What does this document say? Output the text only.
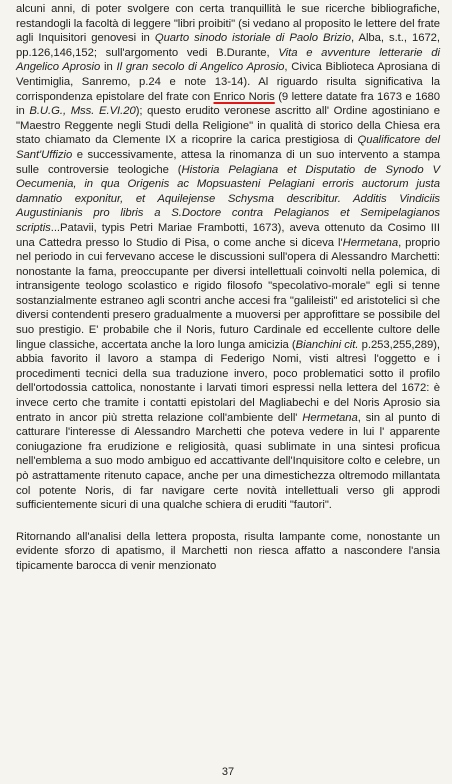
alcuni anni, di poter svolgere con certa tranquillità le sue ricerche bibliografiche, restandogli la facoltà di leggere "libri proibiti" (si vedano al proposito le lettere del frate agli Inquisitori genovesi in Quarto sinodo istoriale di Paolo Brizio, Alba, s.t., 1672, pp.126,146,152; sull'argomento vedi B.Durante, Vita e avventure letterarie di Angelico Aprosio in Il gran secolo di Angelico Aprosio, Civica Biblioteca Aprosiana di Ventimiglia, Sanremo, p.24 e note 13-14). Al riguardo risulta significativa la corrispondenza epistolare del frate con Enrico Noris (9 lettere datate fra 1673 e 1680 in B.U.G., Mss. E.VI.20); questo erudito veronese ascritto all' Ordine agostiniano e "Maestro Reggente negli Studi della Religione" in qualità di storico della Chiesa era stato chiamato da Clemente IX a ricoprire la carica prestigiosa di Qualificatore del Sant'Uffizio e successivamente, attesa la rinomanza di un suo intervento a stampa sulle controversie teologiche (Historia Pelagiana et Disputatio de Synodo V Oecumenia, in qua Origenis ac Mopsuasteni Pelagiani erroris auctorum justa damnatio exponitur, et Aquilejense Schysma describitur. Additis Vindiciis Augustinianis pro libris a S.Doctore contra Pelagianos et Semipelagianos scriptis...Patavii, typis Petri Mariae Frambotti, 1673), aveva ottenuto da Cosimo III una Cattedra presso lo Studio di Pisa, o come anche si diceva l'Hermetana, proprio nel periodo in cui fervevano accese le discussioni sull'opera di Alessandro Marchetti: nonostante la fama, preoccupante per diversi intellettuali coinvolti nella polemica, di intransigente teologo scolastico e rigido filosofo "specolativo-morale" egli si tenne sostanzialmente estraneo agli scontri anche accesi fra "galileisti" ed aristotelici sì che diversi contendenti presero gradualmente a muoversi per approfittare se possibile del suo prestigio. E' probabile che il Noris, futuro Cardinale ed eccellente cultore delle lingue classiche, accertata anche la loro lunga amicizia (Bianchini cit. p.253,255,289), abbia favorito il lavoro a stampa di Federigo Nomi, visti altresì l'oggetto e i procedimenti tecnici della sua traduzione invero, poco problematici sotto il profilo dell'ortodossia cattolica, nonostante i larvati timori espressi nella lettera del 1672: è invece certo che tramite i contatti epistolari del Magliabechi e del Noris Aprosio sia entrato in ancor più stretta relazione coll'ambiente dell' Hermetana, sin al punto di catturare l'interesse di Alessandro Marchetti che poteva vedere in lui l' apparente coniugazione fra erudizione e religiosità, quasi sublimate in una sintesi proficua nell'emblema a suo modo ambiguo ed accattivante dell'Inquisitore colto e celebre, un pò astrattamente ritenuto capace, anche per una dimestichezza oltremodo millantata col potente Noris, di far navigare certe novità intellettuali verso gli approdi sufficientemente sicuri di una qualche schiera di eruditi "fautori".

Ritornando all'analisi della lettera proposta, risulta lampante come, nonostante un evidente sforzo di apatismo, il Marchetti non riesca affatto a nascondere l'ansia tipicamente barocca di venir menzionato

37
